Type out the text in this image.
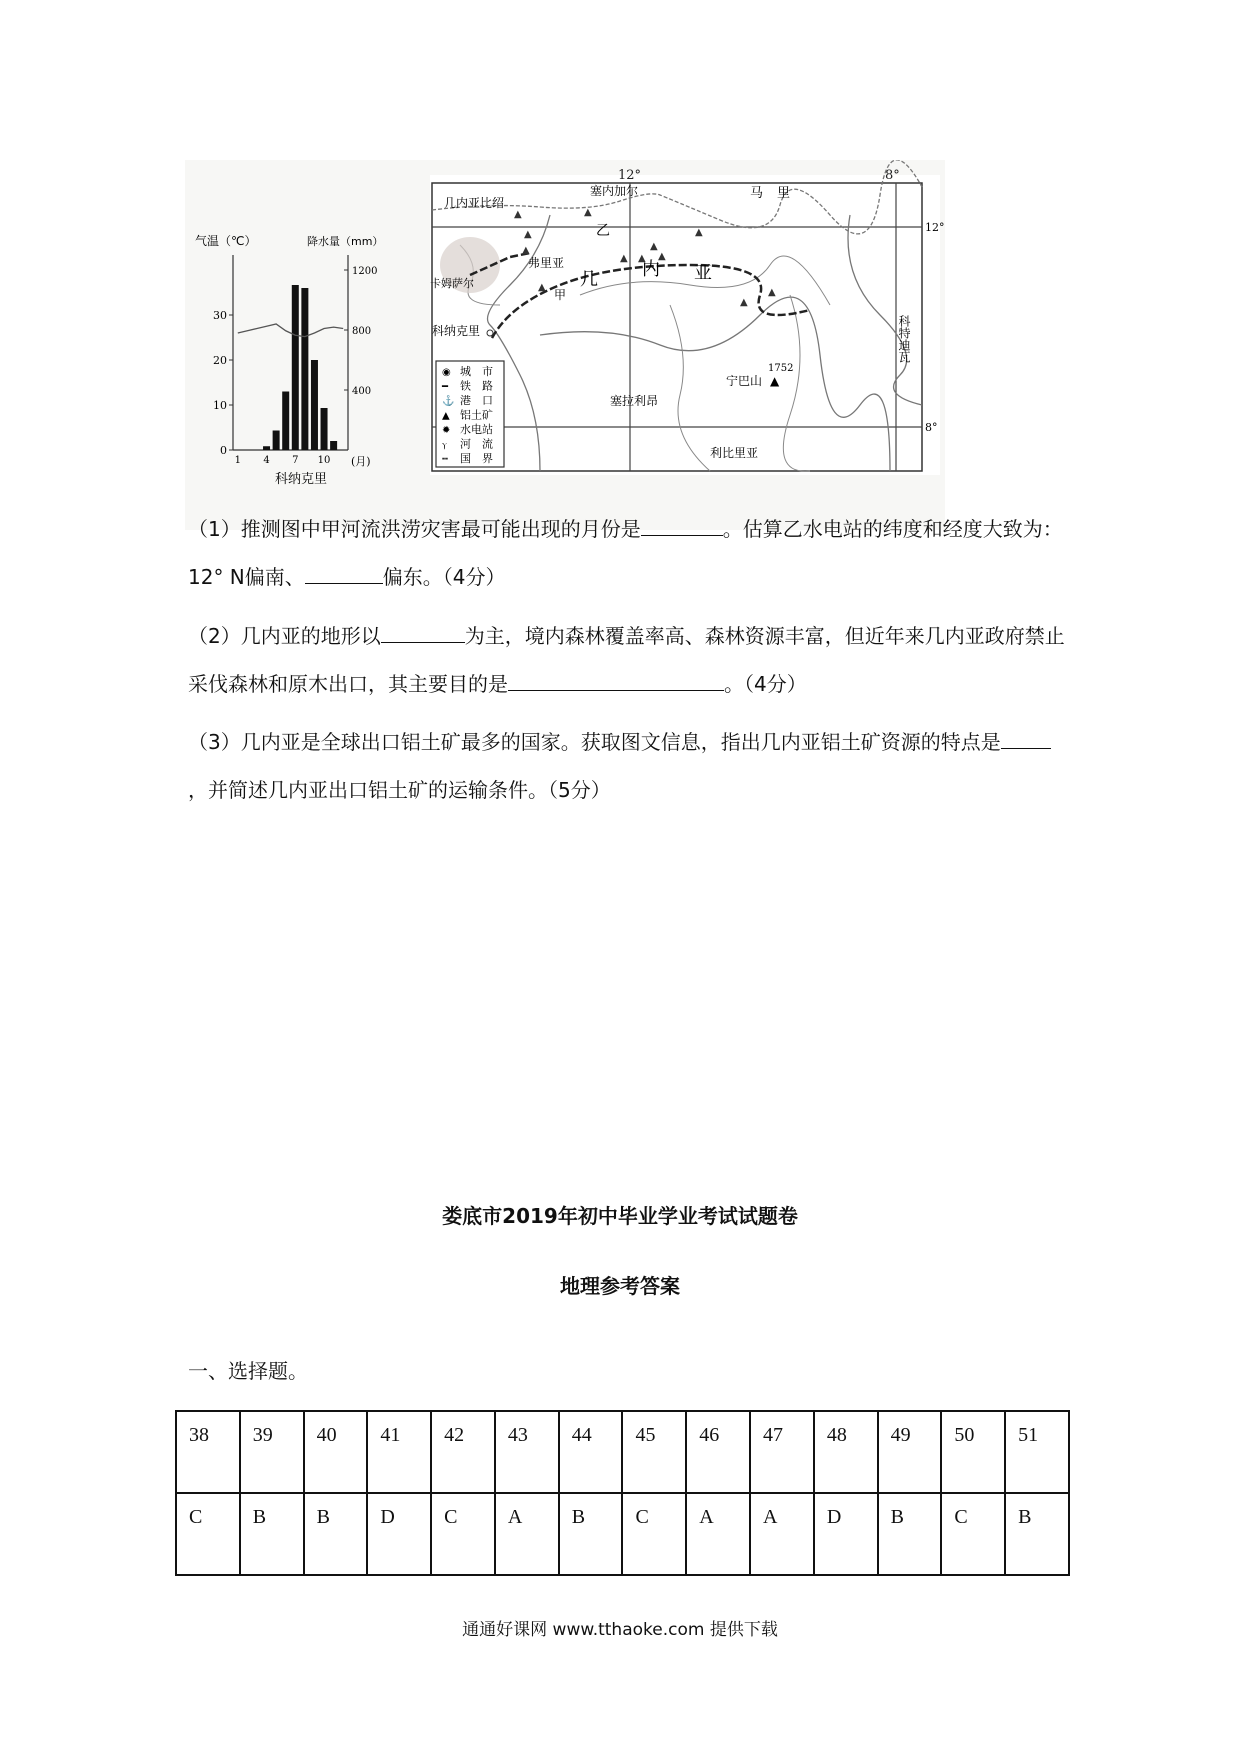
气温（℃）	降水量（mm）
0
10
20
30
400
800
1200
1 4 7 10
科纳克里
(月)
12°	8°
12°
8°
▲
▲
▲
▲
▲
▲ ▲ ▲
▲
▲	▲
▲
几内亚比绍
塞内加尔	马里
科特迪瓦
塞拉利昂
利比里亚
几 内 亚
卡姆萨尔
弗里亚
科纳克里
甲
乙
宁巴山 ▲
1752
◉ 城　市
━ 铁　路
⚓ 港　口
▲ 铝土矿
✹ 水电站
ⲩ 河　流
┅ 国　界
（1）推测图中甲河流洪涝灾害最可能出现的月份是	。估算乙水电站的纬度和经度大致为：12° N偏南、	偏东。（4分）
（2）几内亚的地形以	为主，境内森林覆盖率高、森林资源丰富，但近年来几内亚政府禁止采伐森林和原木出口，其主要目的是	。（4分）
（3）几内亚是全球出口铝土矿最多的国家。获取图文信息，指出几内亚铝土矿资源的特点是，并简述几内亚出口铝土矿的运输条件。（5分）
娄底市2019年初中毕业学业考试试题卷
地理参考答案
一、选择题。
38	39	40	41	42	43	44	45	46	47	48	49	50	51
C	B	B	D	C	A	B	C	A	A	D	B	C	B
通通好课网 www.tthaoke.com 提供下载
